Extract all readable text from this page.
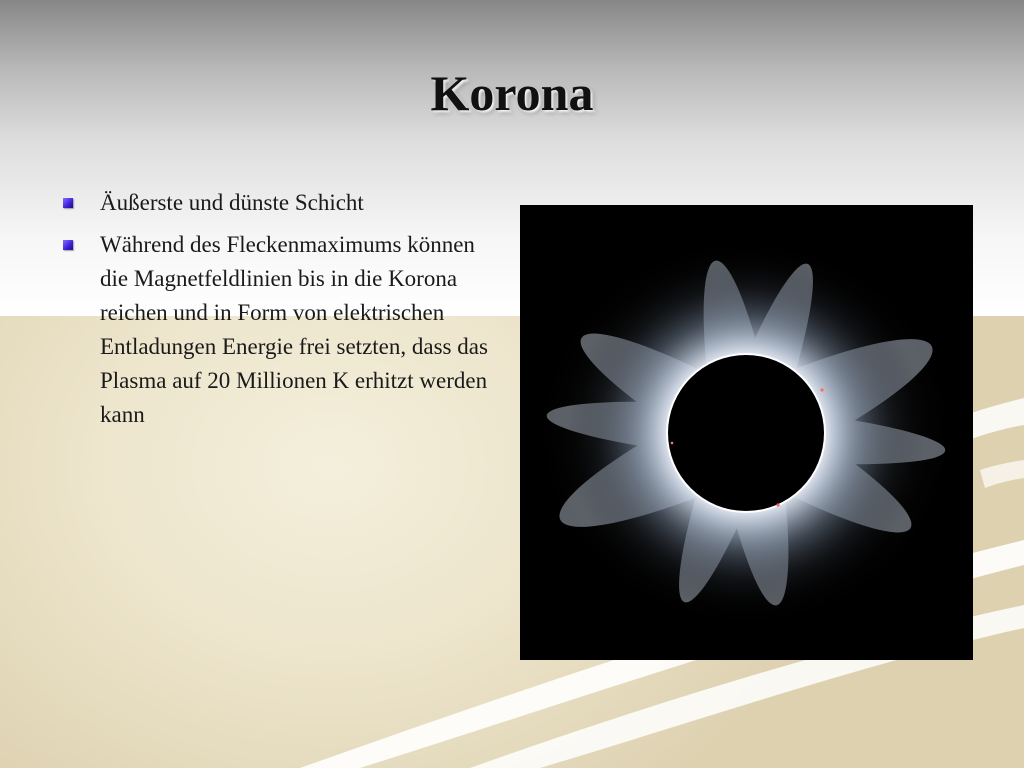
Korona
Äußerste und dünste Schicht
Während des Fleckenmaximums können die Magnetfeldlinien bis in die Korona reichen und in Form von elektrischen Entladungen Energie frei setzten, dass das Plasma auf 20 Millionen K erhitzt werden kann
